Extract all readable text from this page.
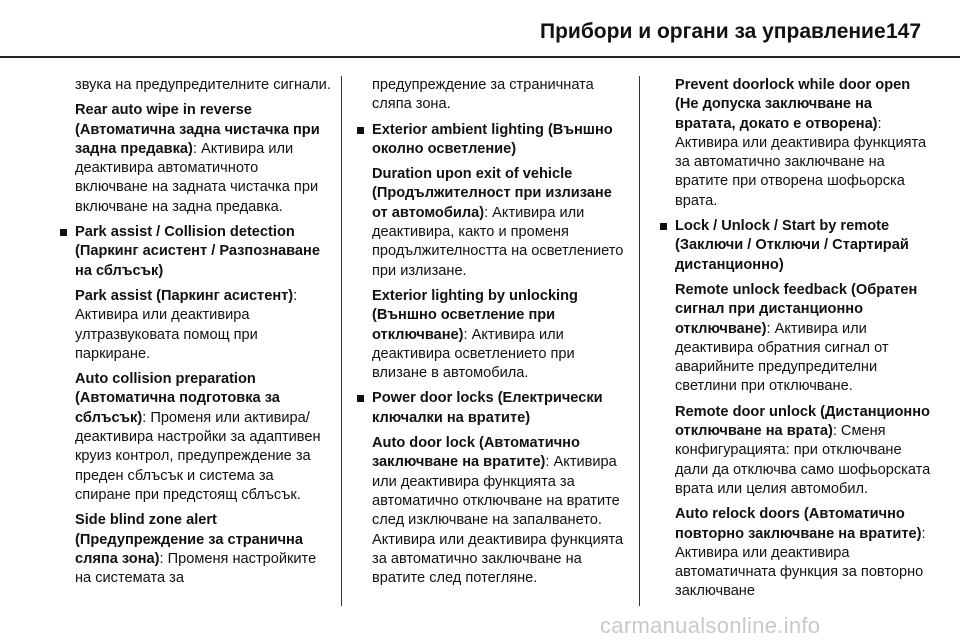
Прибори и органи за управление 147

звука на предупредителните сигнали.

Rear auto wipe in reverse (Автоматична задна чистачка при задна предавка): Активира или деактивира автоматичното включване на задната чистачка при включване на задна предавка.

Park assist / Collision detection (Паркинг асистент / Разпознаване на сблъсък)

Park assist (Паркинг асистент): Активира или деактивира ултразвуковата помощ при паркиране.

Auto collision preparation (Автоматична подготовка за сблъсък): Променя или активира/деактивира настройки за адаптивен круиз контрол, предупреждение за преден сблъсък и система за спиране при предстоящ сблъсък.

Side blind zone alert (Предупреждение за странична сляпа зона): Променя настройките на системата за

предупреждение за страничната сляпа зона.

Exterior ambient lighting (Външно околно осветление)

Duration upon exit of vehicle (Продължителност при излизане от автомобила): Активира или деактивира, както и променя продължителността на осветлението при излизане.

Exterior lighting by unlocking (Външно осветление при отключване): Активира или деактивира осветлението при влизане в автомобила.

Power door locks (Електрически ключалки на вратите)

Auto door lock (Автоматично заключване на вратите): Активира или деактивира функцията за автоматично отключване на вратите след изключване на запалването. Активира или деактивира функцията за автоматично заключване на вратите след потегляне.

Prevent doorlock while door open (Не допуска заключване на вратата, докато е отворена): Активира или деактивира функцията за автоматично заключване на вратите при отворена шофьорска врата.

Lock / Unlock / Start by remote (Заключи / Отключи / Стартирай дистанционно)

Remote unlock feedback (Обратен сигнал при дистанционно отключване): Активира или деактивира обратния сигнал от аварийните предупредителни светлини при отключване.

Remote door unlock (Дистанционно отключване на врата): Сменя конфигурацията: при отключване дали да отключва само шофьорската врата или целия автомобил.

Auto relock doors (Автоматично повторно заключване на вратите): Активира или деактивира автоматичната функция за повторно заключване

carmanualsonline.info
